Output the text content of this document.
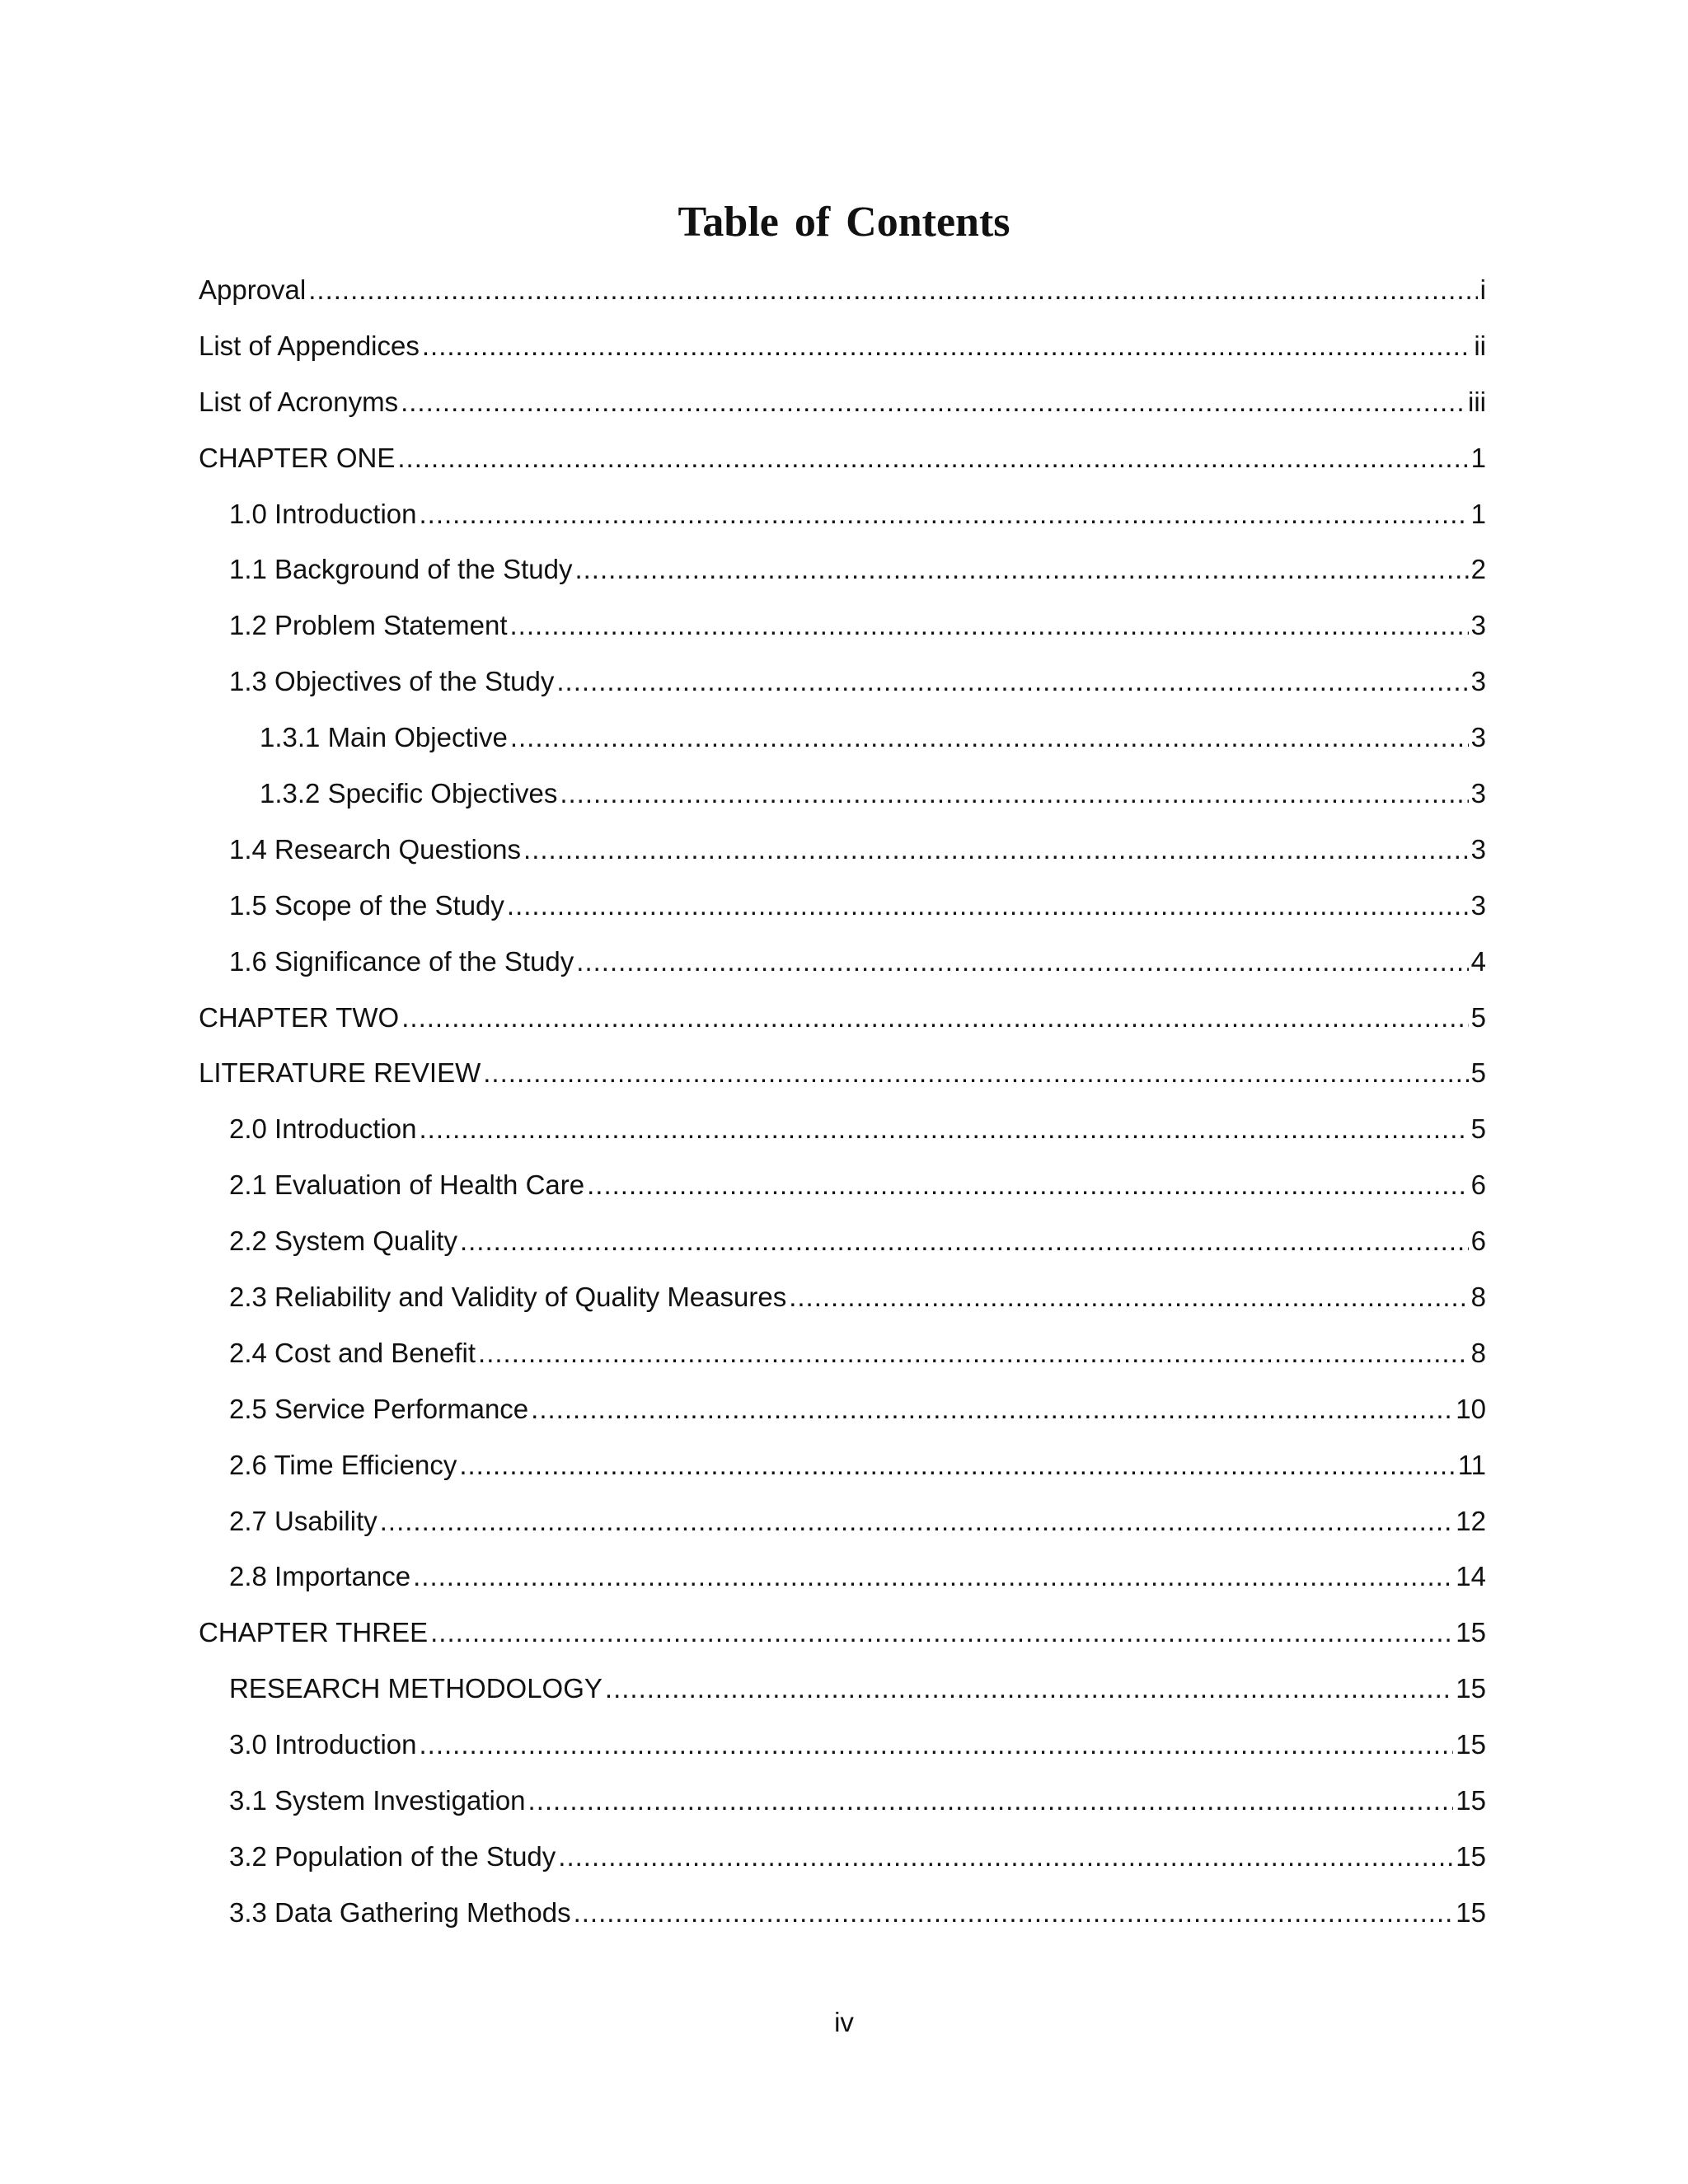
Table of Contents
Approval .....	i
List of Appendices .....	ii
List of Acronyms .....	iii
CHAPTER ONE .....	1
1.0 Introduction .....	1
1.1 Background of the Study .....	2
1.2 Problem Statement .....	3
1.3 Objectives of the Study .....	3
1.3.1 Main Objective .....	3
1.3.2 Specific Objectives .....	3
1.4 Research Questions .....	3
1.5 Scope of the Study .....	3
1.6 Significance of the Study .....	4
CHAPTER TWO .....	5
LITERATURE REVIEW .....	5
2.0 Introduction .....	5
2.1 Evaluation of Health Care .....	6
2.2 System Quality .....	6
2.3 Reliability and Validity of Quality Measures .....	8
2.4 Cost and Benefit .....	8
2.5 Service Performance .....	10
2.6 Time Efficiency .....	11
2.7 Usability .....	12
2.8 Importance .....	14
CHAPTER THREE .....	15
RESEARCH METHODOLOGY .....	15
3.0 Introduction .....	15
3.1 System Investigation .....	15
3.2 Population of the Study .....	15
3.3 Data Gathering Methods .....	15
iv
